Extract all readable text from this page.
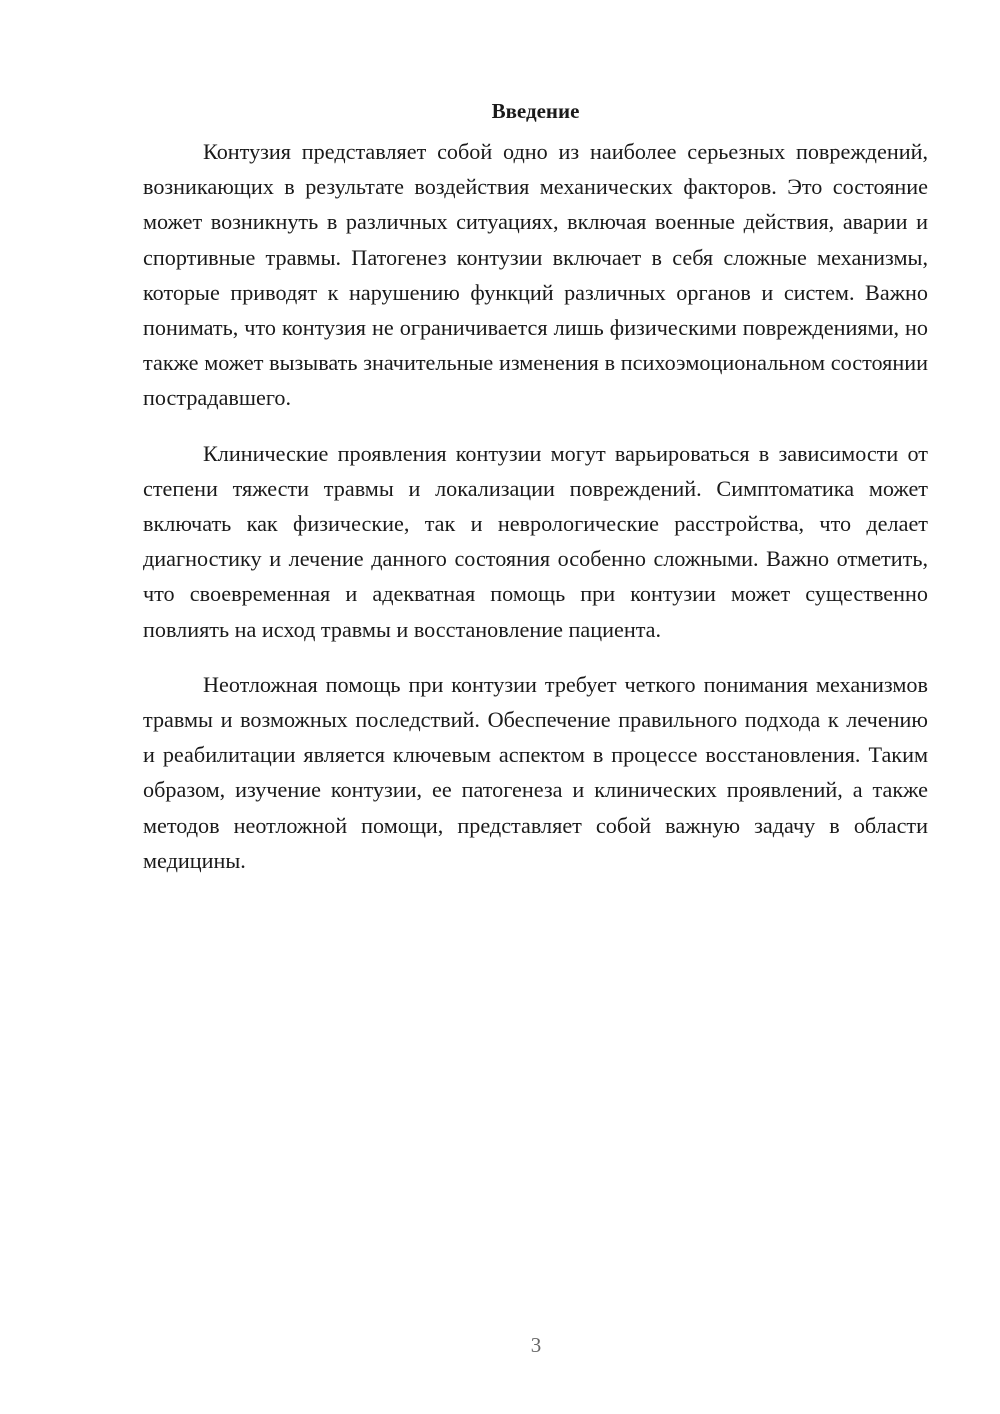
Введение

Контузия представляет собой одно из наиболее серьезных повреждений, возникающих в результате воздействия механических факторов. Это состояние может возникнуть в различных ситуациях, включая военные действия, аварии и спортивные травмы. Патогенез контузии включает в себя сложные механизмы, которые приводят к нарушению функций различных органов и систем. Важно понимать, что контузия не ограничивается лишь физическими повреждениями, но также может вызывать значительные изменения в психоэмоциональном состоянии пострадавшего.

Клинические проявления контузии могут варьироваться в зависимости от степени тяжести травмы и локализации повреждений. Симптоматика может включать как физические, так и неврологические расстройства, что делает диагностику и лечение данного состояния особенно сложными. Важно отметить, что своевременная и адекватная помощь при контузии может существенно повлиять на исход травмы и восстановление пациента.

Неотложная помощь при контузии требует четкого понимания механизмов травмы и возможных последствий. Обеспечение правильного подхода к лечению и реабилитации является ключевым аспектом в процессе восстановления. Таким образом, изучение контузии, ее патогенеза и клинических проявлений, а также методов неотложной помощи, представляет собой важную задачу в области медицины.

3
